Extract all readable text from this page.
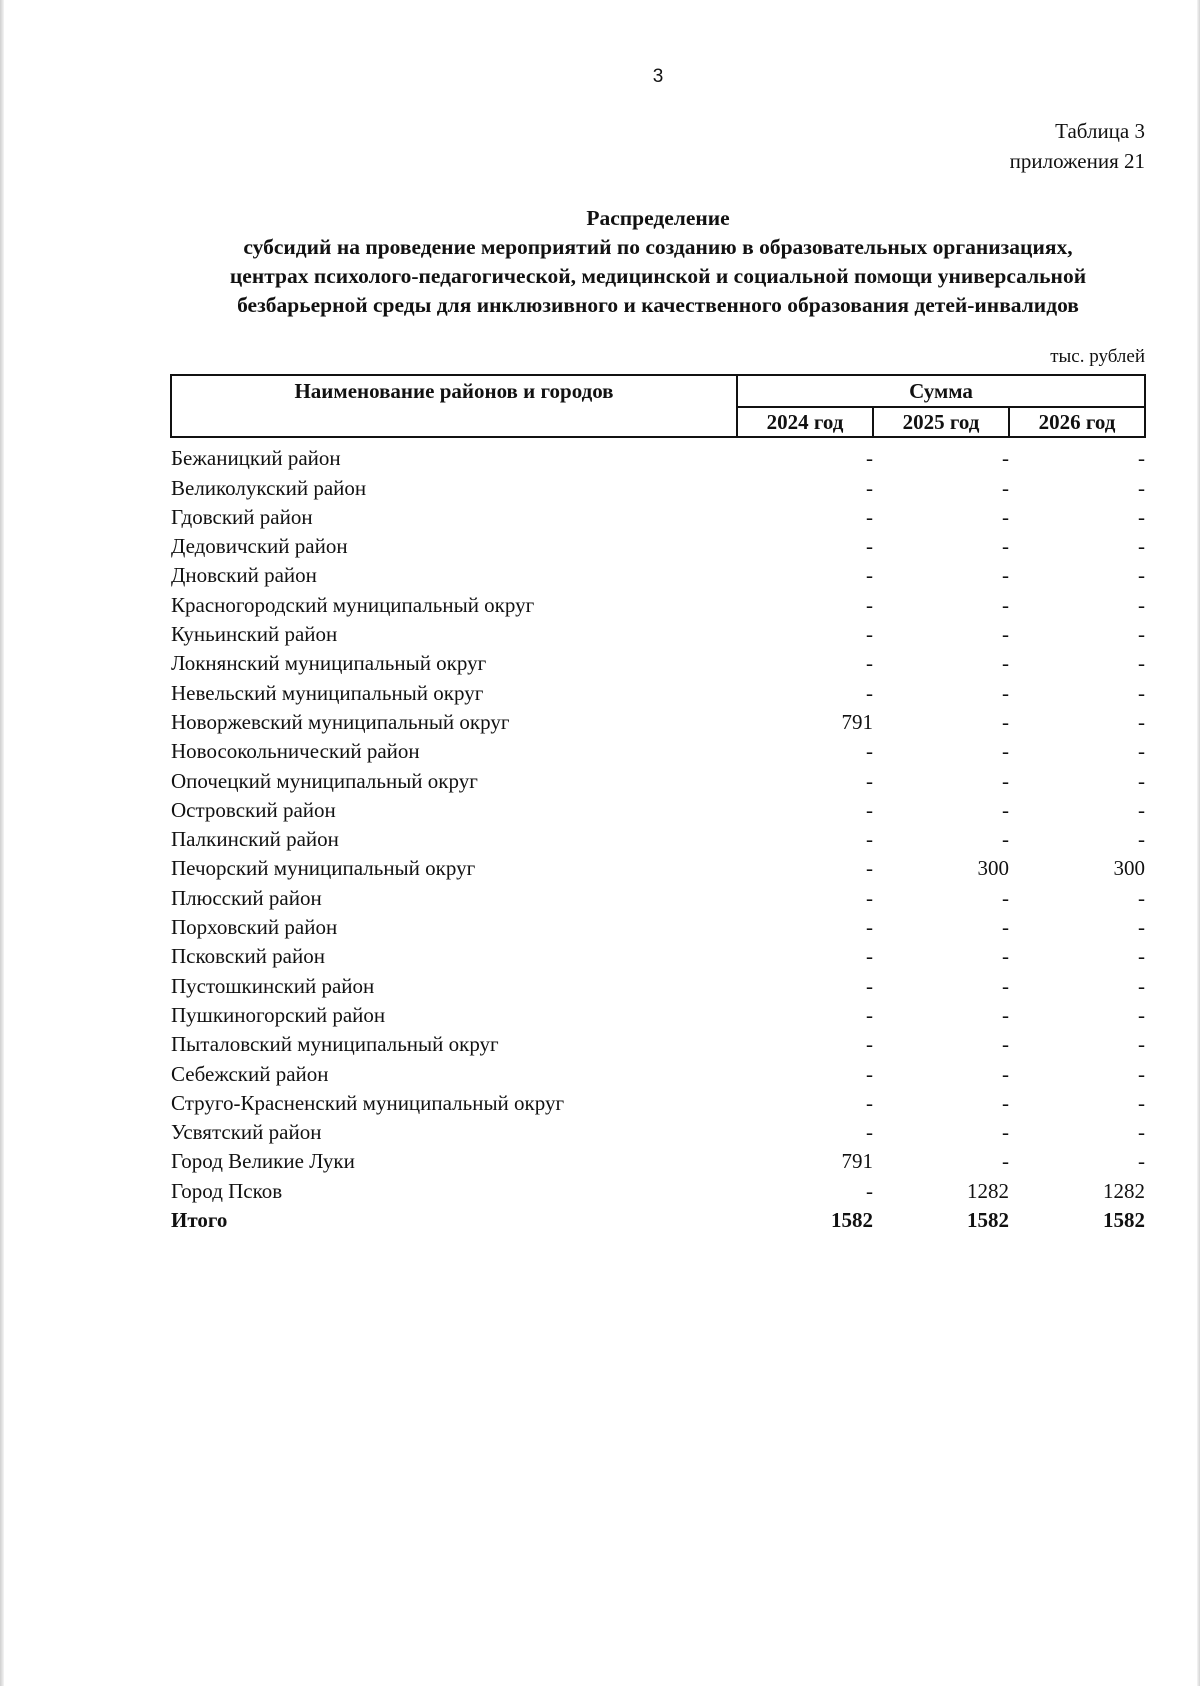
3
Таблица 3
приложения 21
Распределение
субсидий на проведение мероприятий по созданию в образовательных организациях,
центрах психолого-педагогической, медицинской и социальной помощи универсальной
безбарьерной среды для инклюзивного и качественного образования детей-инвалидов
тыс. рублей
Наименование районов и городов	Сумма		
	2024 год	2025 год	2026 год
Бежаницкий район	-	-	-
Великолукский район	-	-	-
Гдовский район	-	-	-
Дедовичский район	-	-	-
Дновский район	-	-	-
Красногородский муниципальный округ	-	-	-
Куньинский район	-	-	-
Локнянский муниципальный округ	-	-	-
Невельский муниципальный округ	-	-	-
Новоржевский муниципальный округ	791	-	-
Новосокольнический район	-	-	-
Опочецкий муниципальный округ	-	-	-
Островский район	-	-	-
Палкинский район	-	-	-
Печорский муниципальный округ	-	300	300
Плюсский район	-	-	-
Порховский район	-	-	-
Псковский район	-	-	-
Пустошкинский район	-	-	-
Пушкиногорский район	-	-	-
Пыталовский муниципальный округ	-	-	-
Себежский район	-	-	-
Струго-Красненский муниципальный округ	-	-	-
Усвятский район	-	-	-
Город Великие Луки	791	-	-
Город Псков	-	1282	1282
Итого	1582	1582	1582
